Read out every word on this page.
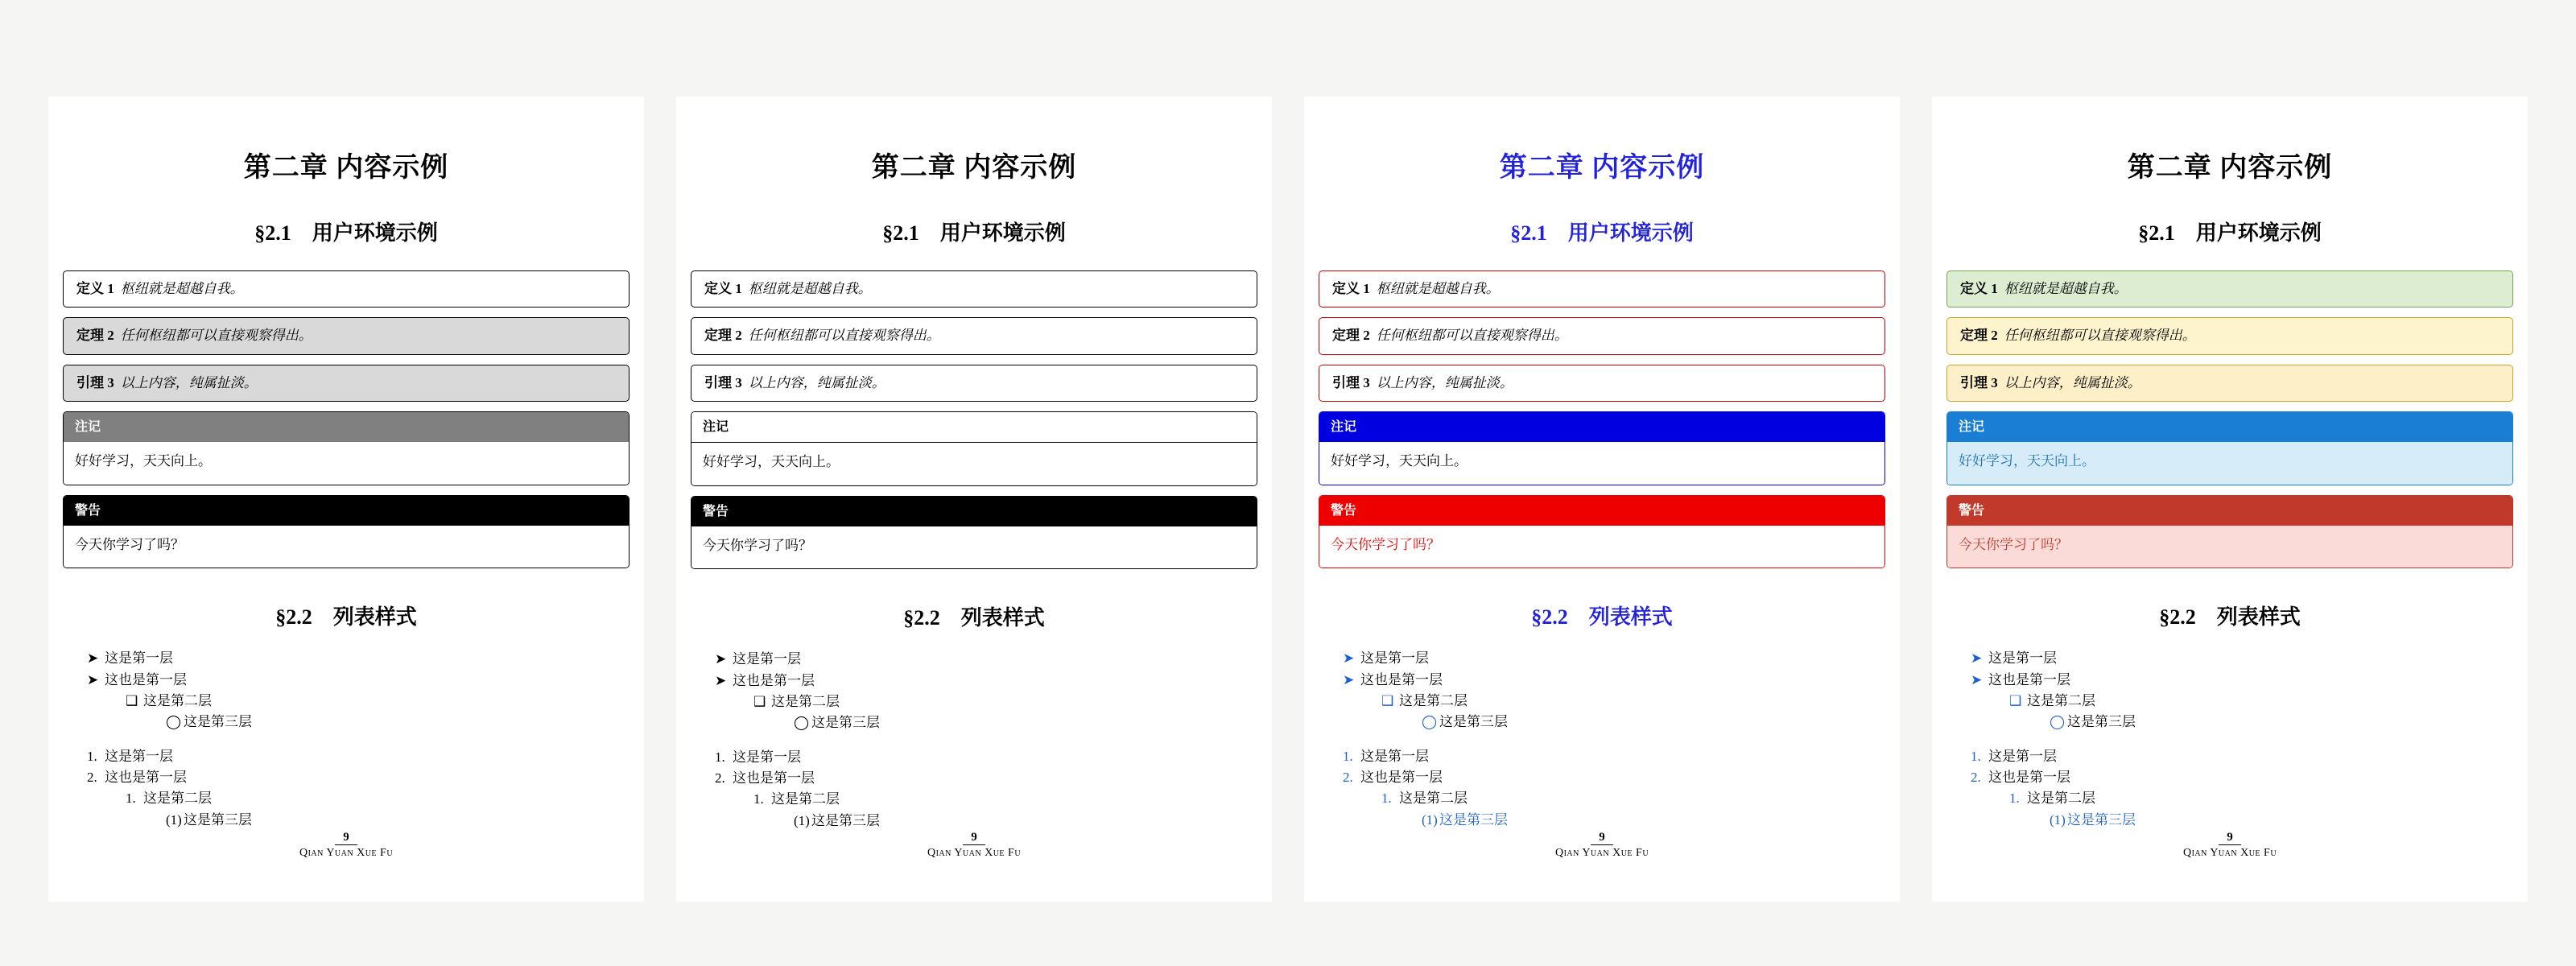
第二章 内容示例
§2.1 用户环境示例
定义 1 枢纽就是超越自我。
定理 2 任何枢纽都可以直接观察得出。
引理 3 以上内容，纯属扯淡。
注记
好好学习，天天向上。
警告
今天你学习了吗？
§2.2 列表样式
➤ 这是第一层
➤ 这也是第一层
❑ 这是第二层
◯ 这是第三层
1. 这是第一层
2. 这也是第一层
1. 这是第二层
(1) 这是第三层
9
Qian Yuan Xue Fu
第二章 内容示例
§2.1 用户环境示例
定义 1 枢纽就是超越自我。
定理 2 任何枢纽都可以直接观察得出。
引理 3 以上内容，纯属扯淡。
注记
好好学习，天天向上。
警告
今天你学习了吗？
§2.2 列表样式
➤ 这是第一层
➤ 这也是第一层
❑ 这是第二层
◯ 这是第三层
1. 这是第一层
2. 这也是第一层
1. 这是第二层
(1) 这是第三层
9
Qian Yuan Xue Fu
第二章 内容示例
§2.1 用户环境示例
定义 1 枢纽就是超越自我。
定理 2 任何枢纽都可以直接观察得出。
引理 3 以上内容，纯属扯淡。
注记
好好学习，天天向上。
警告
今天你学习了吗？
§2.2 列表样式
➤ 这是第一层
➤ 这也是第一层
❑ 这是第二层
◯ 这是第三层
1. 这是第一层
2. 这也是第一层
1. 这是第二层
(1) 这是第三层
9
Qian Yuan Xue Fu
第二章 内容示例
§2.1 用户环境示例
定义 1 枢纽就是超越自我。
定理 2 任何枢纽都可以直接观察得出。
引理 3 以上内容，纯属扯淡。
注记
好好学习，天天向上。
警告
今天你学习了吗？
§2.2 列表样式
➤ 这是第一层
➤ 这也是第一层
❑ 这是第二层
◯ 这是第三层
1. 这是第一层
2. 这也是第一层
1. 这是第二层
(1) 这是第三层
9
Qian Yuan Xue Fu
